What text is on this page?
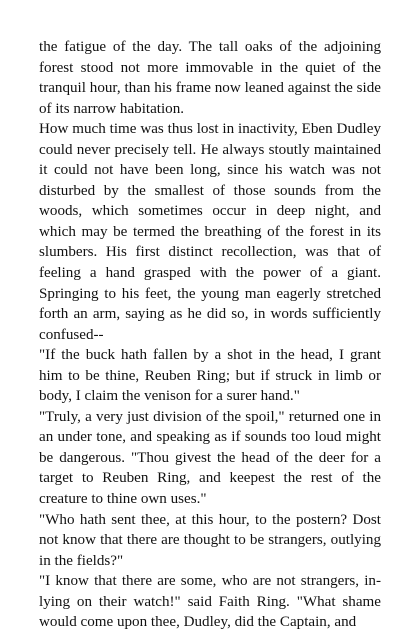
the fatigue of the day. The tall oaks of the adjoining forest stood not more immovable in the quiet of the tranquil hour, than his frame now leaned against the side of its narrow habitation.

How much time was thus lost in inactivity, Eben Dudley could never precisely tell. He always stoutly maintained it could not have been long, since his watch was not disturbed by the smallest of those sounds from the woods, which sometimes occur in deep night, and which may be termed the breathing of the forest in its slumbers. His first distinct recollection, was that of feeling a hand grasped with the power of a giant. Springing to his feet, the young man eagerly stretched forth an arm, saying as he did so, in words sufficiently confused--

"If the buck hath fallen by a shot in the head, I grant him to be thine, Reuben Ring; but if struck in limb or body, I claim the venison for a surer hand."

"Truly, a very just division of the spoil," returned one in an under tone, and speaking as if sounds too loud might be dangerous. "Thou givest the head of the deer for a target to Reuben Ring, and keepest the rest of the creature to thine own uses."

"Who hath sent thee, at this hour, to the postern? Dost not know that there are thought to be strangers, outlying in the fields?"

"I know that there are some, who are not strangers, in-lying on their watch!" said Faith Ring. "What shame would come upon thee, Dudley, did the Captain, and
